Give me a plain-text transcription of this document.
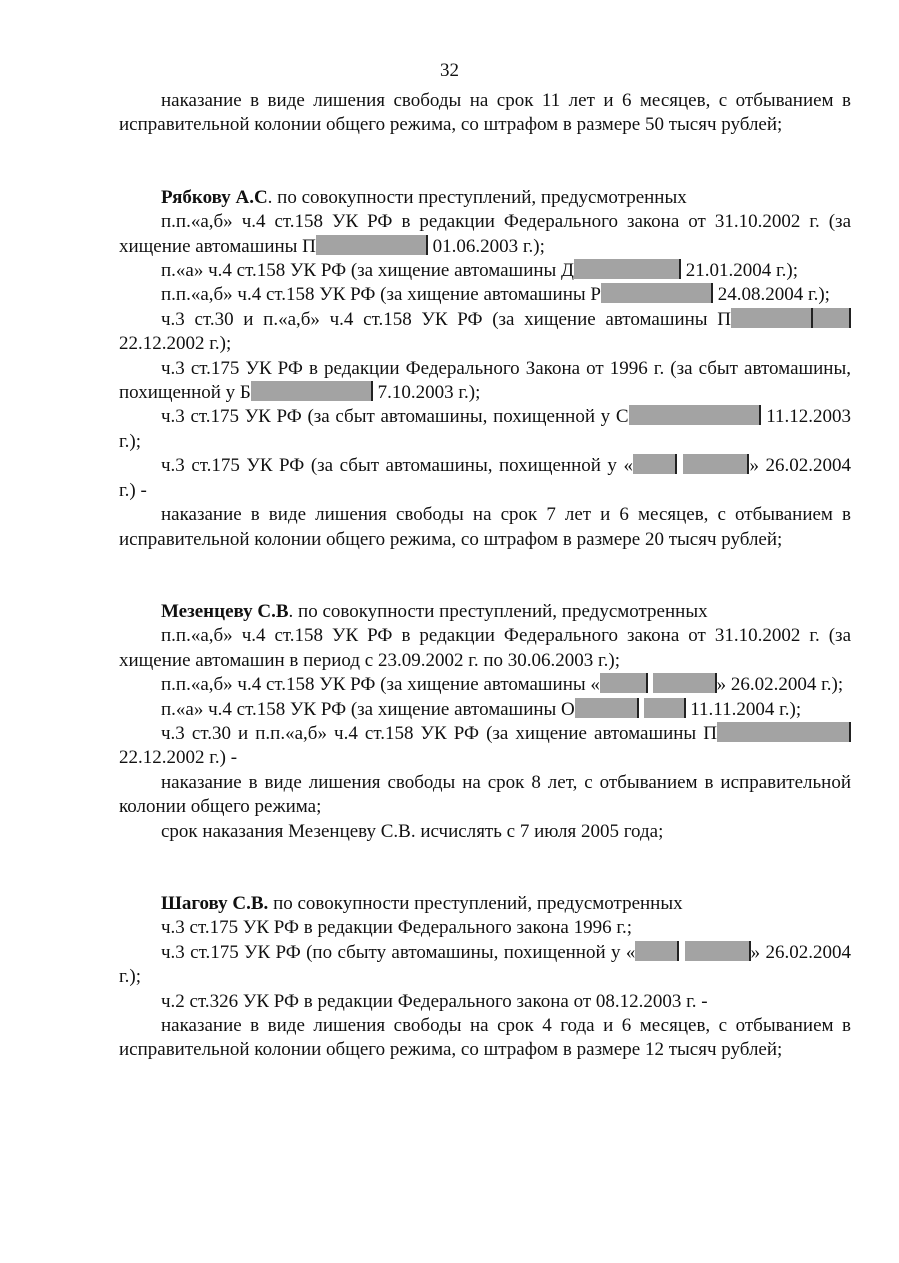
32

наказание в виде лишения свободы на срок 11 лет и 6 месяцев, с отбыванием в исправительной колонии общего режима, со штрафом в размере 50 тысяч рублей;

Рябкову А.С. по совокупности преступлений, предусмотренных

п.п.«а,б» ч.4 ст.158 УК РФ в редакции Федерального закона от 31.10.2002 г. (за хищение автомашины П	01.06.2003 г.);

п.«а» ч.4 ст.158 УК РФ (за хищение автомашины Д	21.01.2004 г.);

п.п.«а,б» ч.4 ст.158 УК РФ (за хищение автомашины Р	24.08.2004 г.);

ч.3 ст.30 и п.«а,б» ч.4 ст.158 УК РФ (за хищение автомашины П 22.12.2002 г.);

ч.3 ст.175 УК РФ в редакции Федерального Закона от 1996 г. (за сбыт автомашины, похищенной у Б	7.10.2003 г.);

ч.3 ст.175 УК РФ (за сбыт автомашины, похищенной у С	11.12.2003 г.);

ч.3 ст.175 УК РФ (за сбыт автомашины, похищенной у «	» 26.02.2004 г.) -

наказание в виде лишения свободы на срок 7 лет и 6 месяцев, с отбыванием в исправительной колонии общего режима, со штрафом в размере 20 тысяч рублей;

Мезенцеву С.В. по совокупности преступлений, предусмотренных

п.п.«а,б» ч.4 ст.158 УК РФ в редакции Федерального закона от 31.10.2002 г. (за хищение автомашин в период с 23.09.2002 г. по 30.06.2003 г.);

п.п.«а,б» ч.4 ст.158 УК РФ (за хищение автомашины «	» 26.02.2004 г.);

п.«а» ч.4 ст.158 УК РФ (за хищение автомашины О	11.11.2004 г.);

ч.3 ст.30 и п.п.«а,б» ч.4 ст.158 УК РФ (за хищение автомашины П 22.12.2002 г.) -

наказание в виде лишения свободы на срок 8 лет, с отбыванием в исправительной колонии общего режима;

срок наказания Мезенцеву С.В. исчислять с 7 июля 2005 года;

Шагову С.В. по совокупности преступлений, предусмотренных

ч.3 ст.175 УК РФ в редакции Федерального закона 1996 г.;

ч.3 ст.175 УК РФ (по сбыту автомашины, похищенной у «	» 26.02.2004 г.);

ч.2 ст.326 УК РФ в редакции Федерального закона от 08.12.2003 г. -

наказание в виде лишения свободы на срок 4 года и 6 месяцев, с отбыванием в исправительной колонии общего режима, со штрафом в размере 12 тысяч рублей;
